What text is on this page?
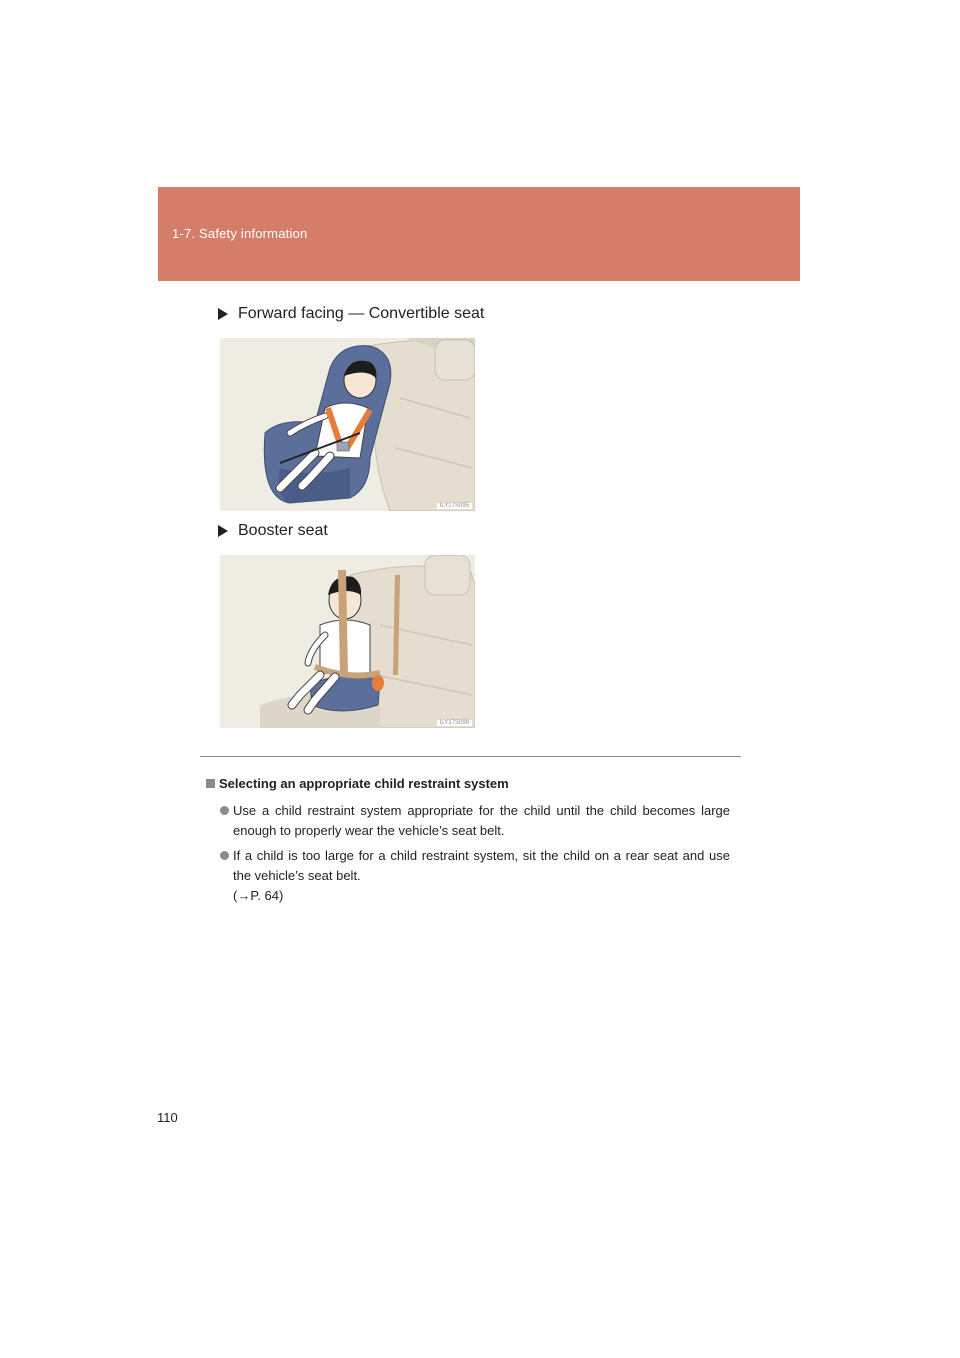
1-7. Safety information
Forward facing — Convertible seat
ILY17S095
Booster seat
ILY17S099
Selecting an appropriate child restraint system
Use a child restraint system appropriate for the child until the child becomes large enough to properly wear the vehicle’s seat belt.
If a child is too large for a child restraint system, sit the child on a rear seat and use the vehicle’s seat belt.
(→P. 64)
110
